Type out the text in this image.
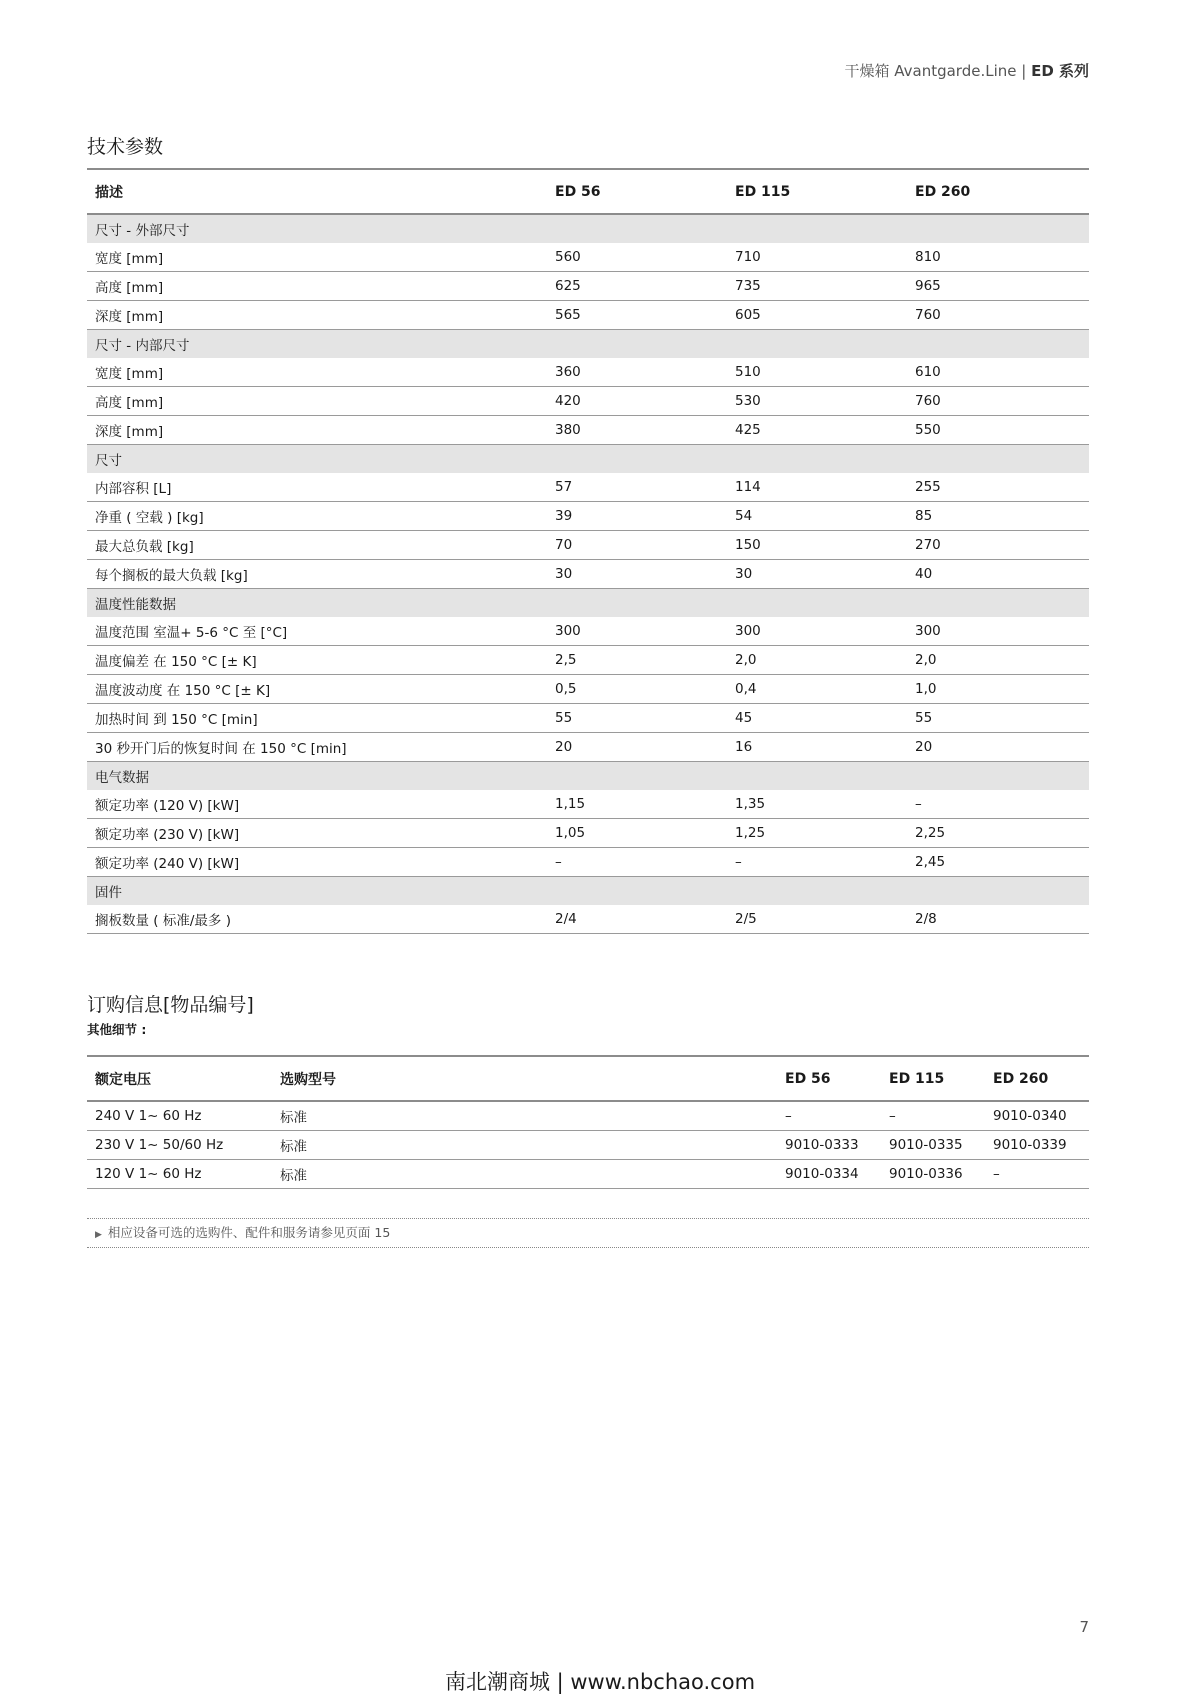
干燥箱 Avantgarde.Line | ED 系列
技术参数
描述	ED 56	ED 115	ED 260
尺寸 - 外部尺寸			
宽度 [mm]	560	710	810
高度 [mm]	625	735	965
深度 [mm]	565	605	760
尺寸 - 内部尺寸			
宽度 [mm]	360	510	610
高度 [mm]	420	530	760
深度 [mm]	380	425	550
尺寸			
内部容积 [L]	57	114	255
净重 ( 空载 ) [kg]	39	54	85
最大总负载 [kg]	70	150	270
每个搁板的最大负载 [kg]	30	30	40
温度性能数据			
温度范围 室温+ 5-6 °C 至 [°C]	300	300	300
温度偏差 在 150 °C [± K]	2,5	2,0	2,0
温度波动度 在 150 °C [± K]	0,5	0,4	1,0
加热时间 到 150 °C [min]	55	45	55
30 秒开门后的恢复时间 在 150 °C [min]	20	16	20
电气数据			
额定功率 (120 V) [kW]	1,15	1,35	–
额定功率 (230 V) [kW]	1,05	1,25	2,25
额定功率 (240 V) [kW]	–	–	2,45
固件			
搁板数量 ( 标准/最多 )	2/4	2/5	2/8
订购信息[物品编号]
其他细节 :
额定电压	选购型号	ED 56	ED 115	ED 260
240 V 1~ 60 Hz	标准	–	–	9010-0340
230 V 1~ 50/60 Hz	标准	9010-0333	9010-0335	9010-0339
120 V 1~ 60 Hz	标准	9010-0334	9010-0336	–
▶ 相应设备可选的选购件、配件和服务请参见页面 15
7
南北潮商城 | www.nbchao.com
